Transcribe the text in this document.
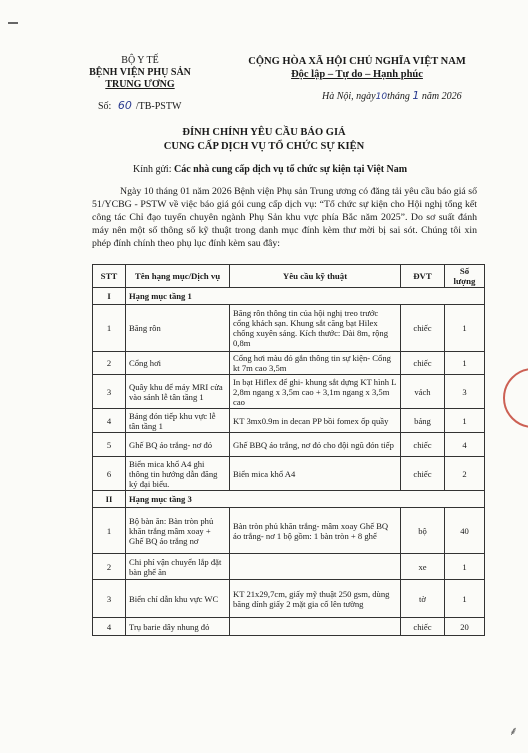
BỘ Y TẾ
BỆNH VIỆN PHỤ SẢN
TRUNG ƯƠNG
Số: 60 /TB-PSTW
CỘNG HÒA XÃ HỘI CHỦ NGHĨA VIỆT NAM
Độc lập – Tự do – Hạnh phúc
Hà Nội, ngày10tháng 1 năm 2026
ĐÍNH CHÍNH YÊU CẦU BÁO GIÁ
CUNG CẤP DỊCH VỤ TỔ CHỨC SỰ KIỆN
Kính gửi: Các nhà cung cấp dịch vụ tổ chức sự kiện tại Việt Nam
Ngày 10 tháng 01 năm 2026 Bệnh viện Phụ sản Trung ương có đăng tải yêu cầu báo giá số 51/YCBG - PSTW về việc báo giá gói cung cấp dịch vụ: “Tổ chức sự kiện cho Hội nghị tổng kết công tác Chỉ đạo tuyến chuyên ngành Phụ Sản khu vực phía Bắc năm 2025”. Do sơ suất đánh máy nên một số thông số kỹ thuật trong danh mục đính kèm thư mời bị sai sót. Chúng tôi xin phép đính chính theo phụ lục đính kèm sau đây:
STT	Tên hạng mục/Dịch vụ	Yêu cầu kỹ thuật	ĐVT	Số lượng
I	Hạng mục tầng 1			
1	Băng rôn	Băng rôn thông tin của hội nghị treo trước cổng khách sạn. Khung sắt căng bạt Hilex chống xuyên sáng. Kích thước: Dài 8m, rộng 0,8m	chiếc	1
2	Cổng hơi	Cổng hơi màu đỏ gắn thông tin sự kiện- Cổng kt 7m cao 3,5m	chiếc	1
3	Quây khu để máy MRI cửa vào sảnh lễ tân tầng 1	In bạt Hiflex để ghi- khung sắt dựng KT hình L 2,8m ngang x 3,5m cao + 3,1m ngang x 3,5m cao	vách	3
4	Bảng đón tiếp khu vực lễ tân tầng 1	KT 3mx0.9m in decan PP bồi fomex ốp quầy	bảng	1
5	Ghế BQ áo trắng- nơ đỏ	Ghế BBQ áo trắng, nơ đỏ cho đội ngũ đón tiếp	chiếc	4
6	Biển mica khổ A4 ghi thông tin hướng dẫn đăng ký đại biểu.	Biển mica khổ A4	chiếc	2
II	Hạng mục tầng 3			
1	Bộ bàn ăn: Bàn tròn phủ khăn trắng mâm xoay + Ghế BQ áo trắng nơ	Bàn tròn phủ khăn trắng- mâm xoay Ghế BQ áo trắng- nơ 1 bộ gồm: 1 bàn tròn + 8 ghế	bộ	40
2	Chi phí vận chuyển lắp đặt bàn ghế ăn		xe	1
3	Biển chỉ dẫn khu vực WC	KT 21x29,7cm, giấy mỹ thuật 250 gsm, dùng băng dính giấy 2 mặt gia cố lên tường	tờ	1
4	Trụ barie dây nhung đỏ		chiếc	20
⸙
